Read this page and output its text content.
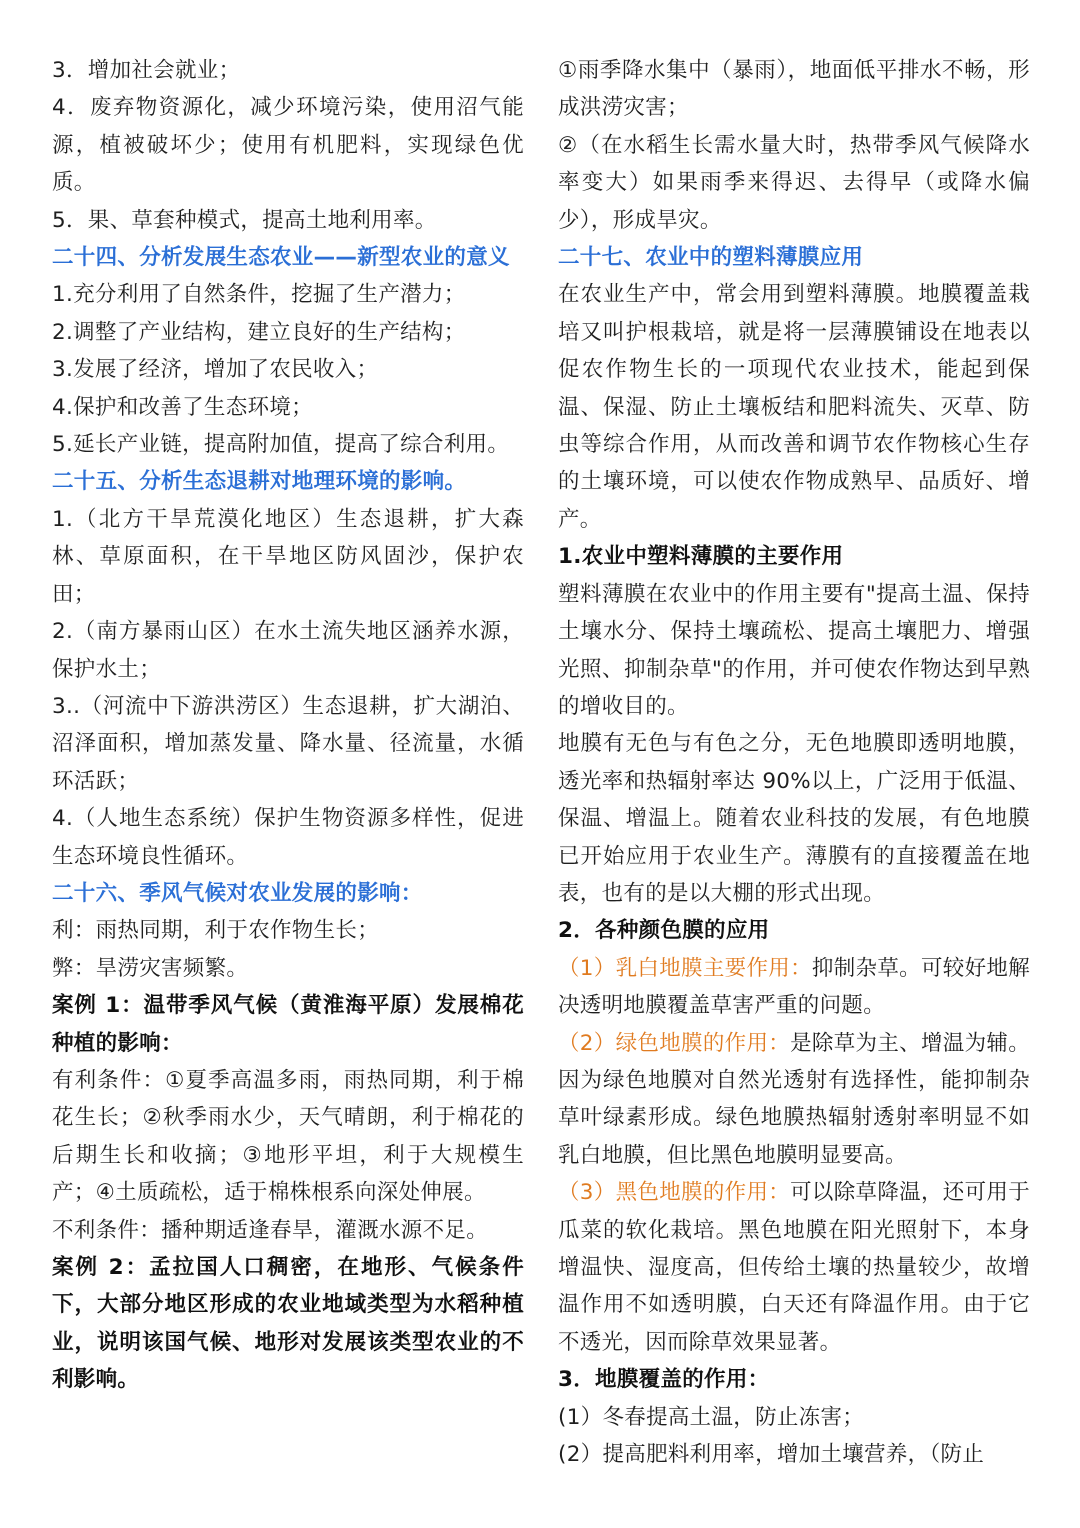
3．增加社会就业；

4．废弃物资源化，减少环境污染，使用沼气能源，植被破坏少；使用有机肥料，实现绿色优质。

5．果、草套种模式，提高土地利用率。

二十四、分析发展生态农业——新型农业的意义

1.充分利用了自然条件，挖掘了生产潜力；

2.调整了产业结构，建立良好的生产结构；

3.发展了经济，增加了农民收入；

4.保护和改善了生态环境；

5.延长产业链，提高附加值，提高了综合利用。

二十五、分析生态退耕对地理环境的影响。

1.（北方干旱荒漠化地区）生态退耕，扩大森林、草原面积，在干旱地区防风固沙，保护农田；

2.（南方暴雨山区）在水土流失地区涵养水源，保护水土；

3..（河流中下游洪涝区）生态退耕，扩大湖泊、沼泽面积，增加蒸发量、降水量、径流量，水循环活跃；

4.（人地生态系统）保护生物资源多样性，促进生态环境良性循环。

二十六、季风气候对农业发展的影响：

利：雨热同期，利于农作物生长；

弊：旱涝灾害频繁。

案例 1：温带季风气候（黄淮海平原）发展棉花种植的影响：

有利条件：①夏季高温多雨，雨热同期，利于棉花生长；②秋季雨水少，天气晴朗，利于棉花的后期生长和收摘；③地形平坦，利于大规模生产；④土质疏松，适于棉株根系向深处伸展。

不利条件：播种期适逢春旱，灌溉水源不足。

案例 2：孟拉国人口稠密，在地形、气候条件下，大部分地区形成的农业地域类型为水稻种植业，说明该国气候、地形对发展该类型农业的不利影响。

①雨季降水集中（暴雨），地面低平排水不畅，形成洪涝灾害；

②（在水稻生长需水量大时，热带季风气候降水率变大）如果雨季来得迟、去得早（或降水偏少），形成旱灾。

二十七、农业中的塑料薄膜应用

在农业生产中，常会用到塑料薄膜。地膜覆盖栽培又叫护根栽培，就是将一层薄膜铺设在地表以促农作物生长的一项现代农业技术，能起到保温、保湿、防止土壤板结和肥料流失、灭草、防虫等综合作用，从而改善和调节农作物核心生存的土壤环境，可以使农作物成熟早、品质好、增产。

1.农业中塑料薄膜的主要作用

塑料薄膜在农业中的作用主要有"提高土温、保持土壤水分、保持土壤疏松、提高土壤肥力、增强光照、抑制杂草"的作用，并可使农作物达到早熟的增收目的。

地膜有无色与有色之分，无色地膜即透明地膜，透光率和热辐射率达 90%以上，广泛用于低温、保温、增温上。随着农业科技的发展，有色地膜已开始应用于农业生产。薄膜有的直接覆盖在地表，也有的是以大棚的形式出现。

2．各种颜色膜的应用

（1）乳白地膜主要作用：抑制杂草。可较好地解决透明地膜覆盖草害严重的问题。

（2）绿色地膜的作用：是除草为主、增温为辅。因为绿色地膜对自然光透射有选择性，能抑制杂草叶绿素形成。绿色地膜热辐射透射率明显不如乳白地膜，但比黑色地膜明显要高。

（3）黑色地膜的作用：可以除草降温，还可用于瓜菜的软化栽培。黑色地膜在阳光照射下，本身增温快、湿度高，但传给土壤的热量较少，故增温作用不如透明膜，白天还有降温作用。由于它不透光，因而除草效果显著。

3．地膜覆盖的作用：

(1）冬春提高土温，防止冻害；

(2）提高肥料利用率，增加土壤营养，（防止
